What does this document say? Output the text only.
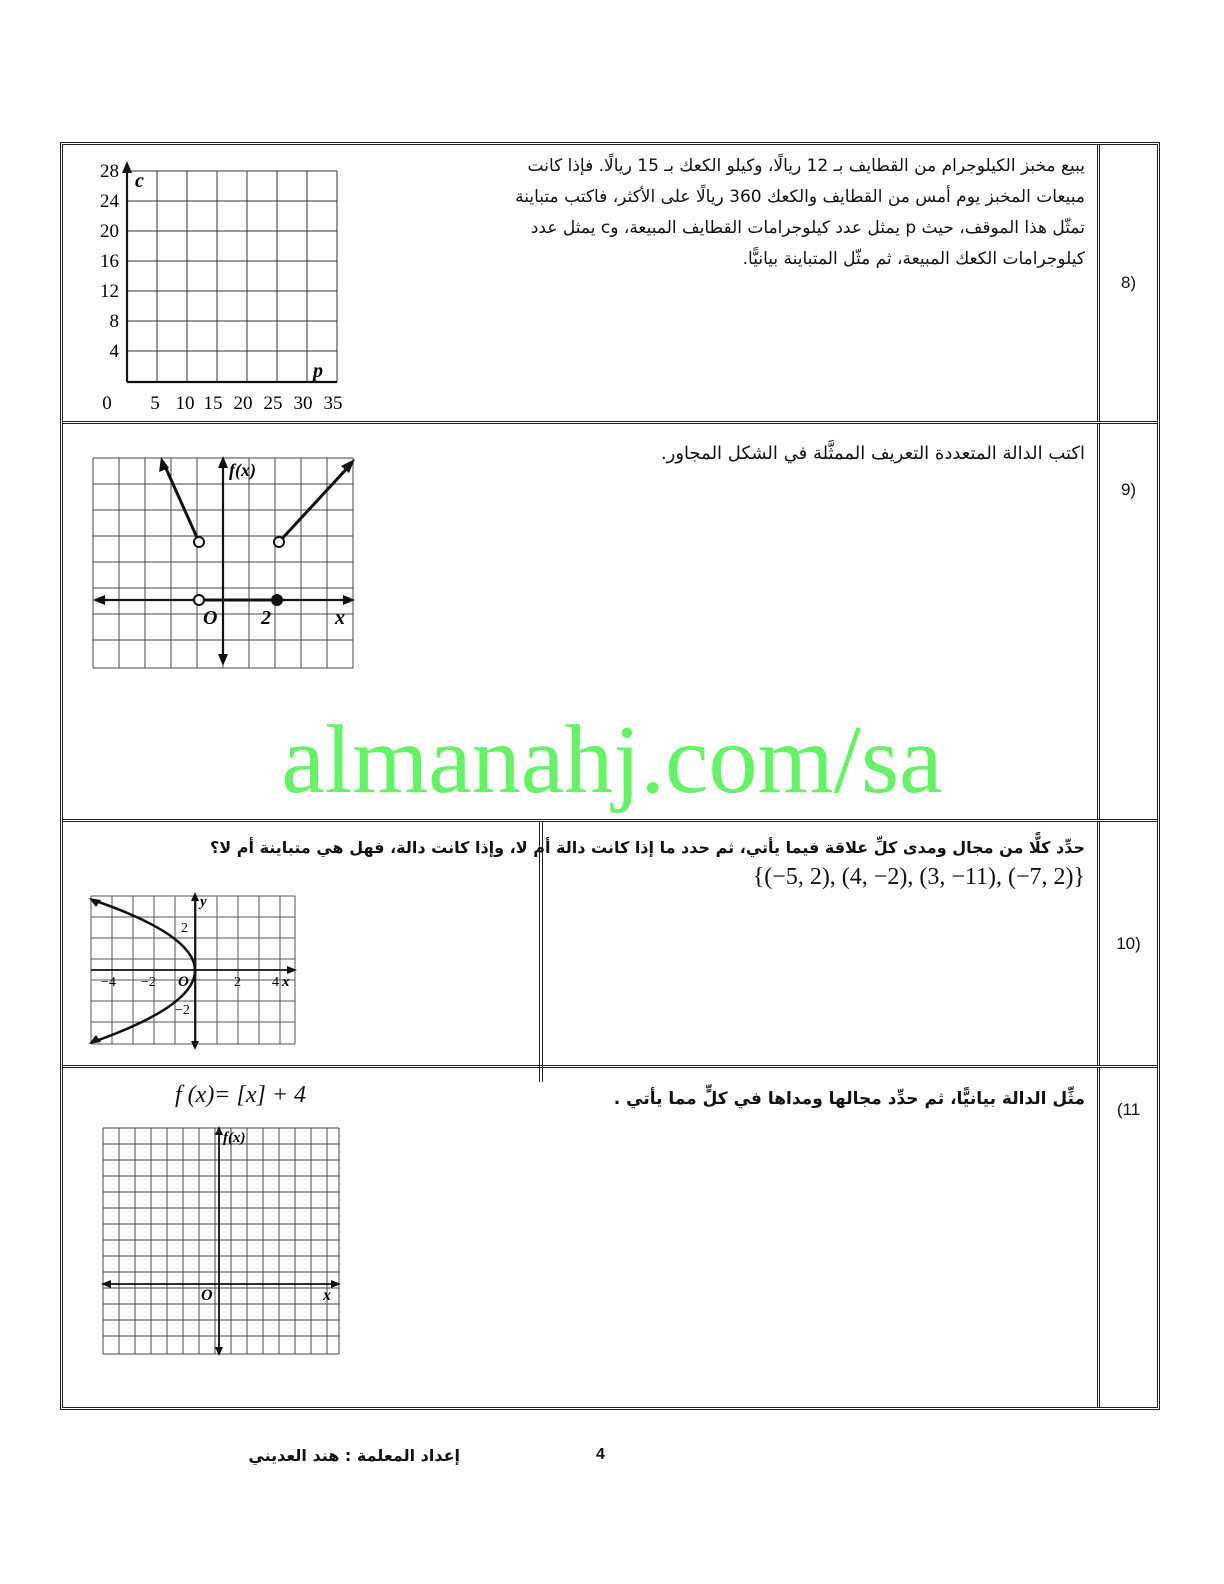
8)
يبيع مخبز الكيلوجرام من القطايف بـ 12 ريالًا، وكيلو الكعك بـ 15 ريالًا. فإذا كانت
مبيعات المخبز يوم أمس من القطايف والكعك 360 ريالًا على الأكثر، فاكتب متباينة
تمثّل هذا الموقف، حيث p يمثل عدد كيلوجرامات القطايف المبيعة، وc يمثل عدد
كيلوجرامات الكعك المبيعة، ثم مثّل المتباينة بيانيًّا.
c
p
28
24
20
16
12
8
4
0 5 10 15 20 25 30 35
9)
اكتب الدالة المتعددة التعريف الممثَّلة في الشكل المجاور.
f(x)
O 2	x
10)
حدِّد كلًّا من مجال ومدى كلِّ علاقة فيما يأتي، ثم حدد ما إذا كانت دالة أم لا، وإذا كانت دالة، فهل هي متباينة أم لا؟
{(−5, 2), (4, −2), (3, −11), (−7, 2)}
y
2
−2
−4 −2 O	2 4 x
(11
مثِّل الدالة بيانيًّا، ثم حدِّد مجالها ومداها في كلٍّ مما يأتي .
f (x)= [x] + 4
f(x)
O	x
almanahj.com/sa
إعداد المعلمة : هند العديني	4
